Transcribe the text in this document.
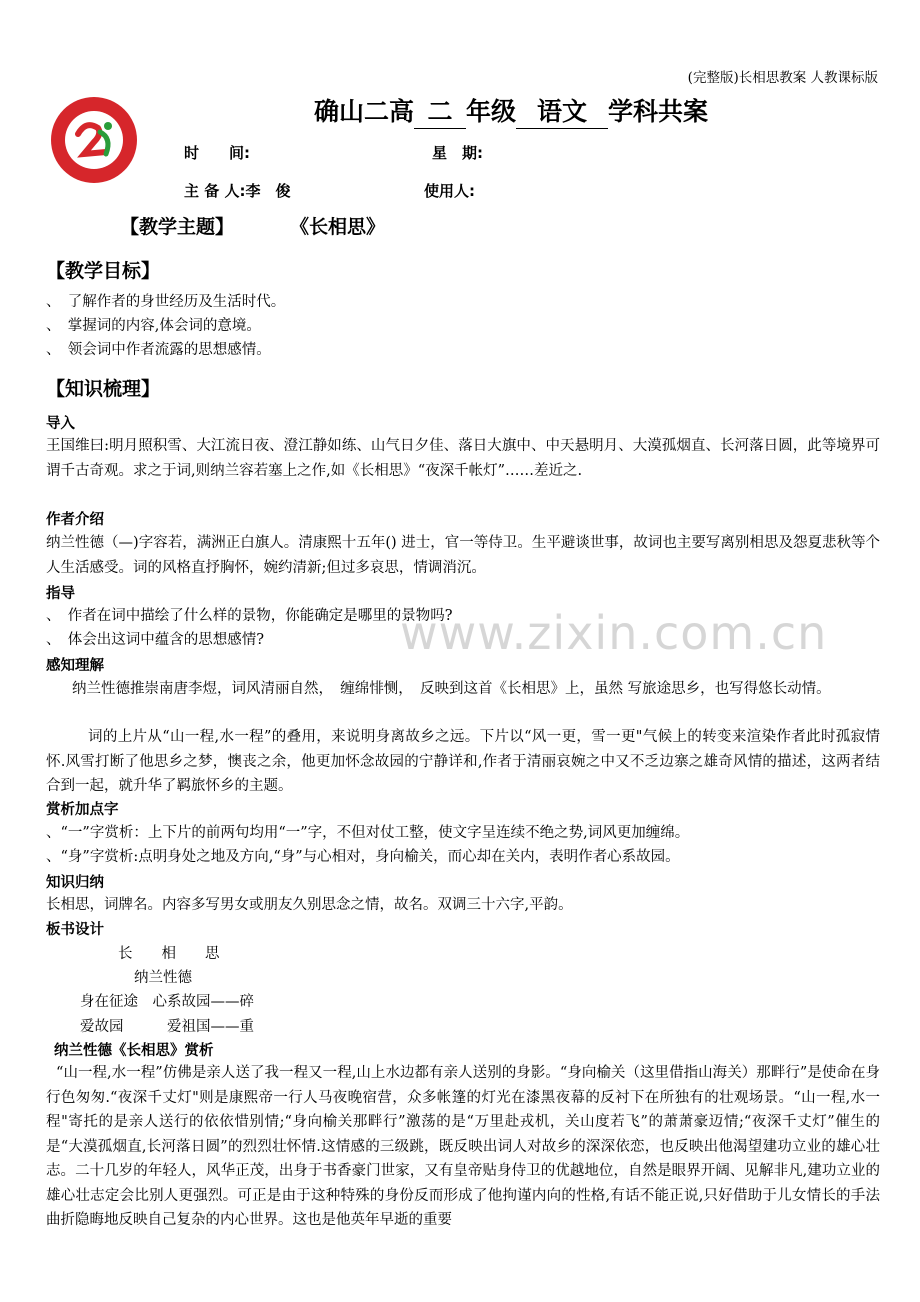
(完整版)长相思教案 人教课标版
确山二高 二 年级 语文 学科共案
时　　间:	星　期:
主 备 人:李　俊	使用人:
【教学主题】	《长相思》
【教学目标】
、　了解作者的身世经历及生活时代。
、　掌握词的内容,体会词的意境。
、　领会词中作者流露的思想感情。
【知识梳理】
导入
王国维曰:明月照积雪、大江流日夜、澄江静如练、山气日夕佳、落日大旗中、中天悬明月、大漠孤烟直、长河落日圆，此等境界可谓千古奇观。求之于词,则纳兰容若塞上之作,如《长相思》“夜深千帐灯”……差近之.
作者介绍
纳兰性德（—)字容若，满洲正白旗人。清康熙十五年() 进士，官一等侍卫。生平避谈世事，故词也主要写离别相思及怨夏悲秋等个人生活感受。词的风格直抒胸怀，婉约清新;但过多哀思，情调消沉。
指导
、　作者在词中描绘了什么样的景物，你能确定是哪里的景物吗?
、　体会出这词中蕴含的思想感情?	www.zixin.com.cn
感知理解
纳兰性德推崇南唐李煜，词风清丽自然，　缠绵悱恻，　反映到这首《长相思》上，虽然 写旅途思乡，也写得悠长动情。
词的上片从“山一程,水一程”的叠用，来说明身离故乡之远。下片以“风一更，雪一更"气候上的转变来渲染作者此时孤寂情怀.风雪打断了他思乡之梦，懊丧之余，他更加怀念故园的宁静详和,作者于清丽哀婉之中又不乏边寨之雄奇风情的描述，这两者结合到一起，就升华了羁旅怀乡的主题。
赏析加点字
、“一”字赏析：上下片的前两句均用“一”字，不但对仗工整，使文字呈连续不绝之势,词风更加缠绵。
、“身”字赏析:点明身处之地及方向,“身”与心相对，身向榆关，而心却在关内，表明作者心系故园。
知识归纳
长相思，词牌名。内容多写男女或朋友久别思念之情，故名。双调三十六字,平韵。
板书设计
长　　相　　思
纳兰性德
身在征途　心系故园——碎
爱故园　　　爱祖国——重
纳兰性德《长相思》赏析
“山一程,水一程”仿佛是亲人送了我一程又一程,山上水边都有亲人送别的身影。“身向榆关（这里借指山海关）那畔行”是使命在身行色匆匆.“夜深千丈灯"则是康熙帝一行人马夜晚宿营，众多帐篷的灯光在漆黑夜幕的反衬下在所独有的壮观场景。“山一程,水一程"寄托的是亲人送行的依依惜别情;“身向榆关那畔行”激荡的是“万里赴戎机，关山度若飞”的萧萧豪迈情;“夜深千丈灯”催生的是“大漠孤烟直,长河落日圆”的烈烈壮怀情.这情感的三级跳，既反映出词人对故乡的深深依恋，也反映出他渴望建功立业的雄心壮志。二十几岁的年轻人，风华正茂，出身于书香豪门世家，又有皇帝贴身侍卫的优越地位，自然是眼界开阔、见解非凡,建功立业的雄心壮志定会比别人更强烈。可正是由于这种特殊的身份反而形成了他拘谨内向的性格,有话不能正说,只好借助于儿女情长的手法曲折隐晦地反映自己复杂的内心世界。这也是他英年早逝的重要
